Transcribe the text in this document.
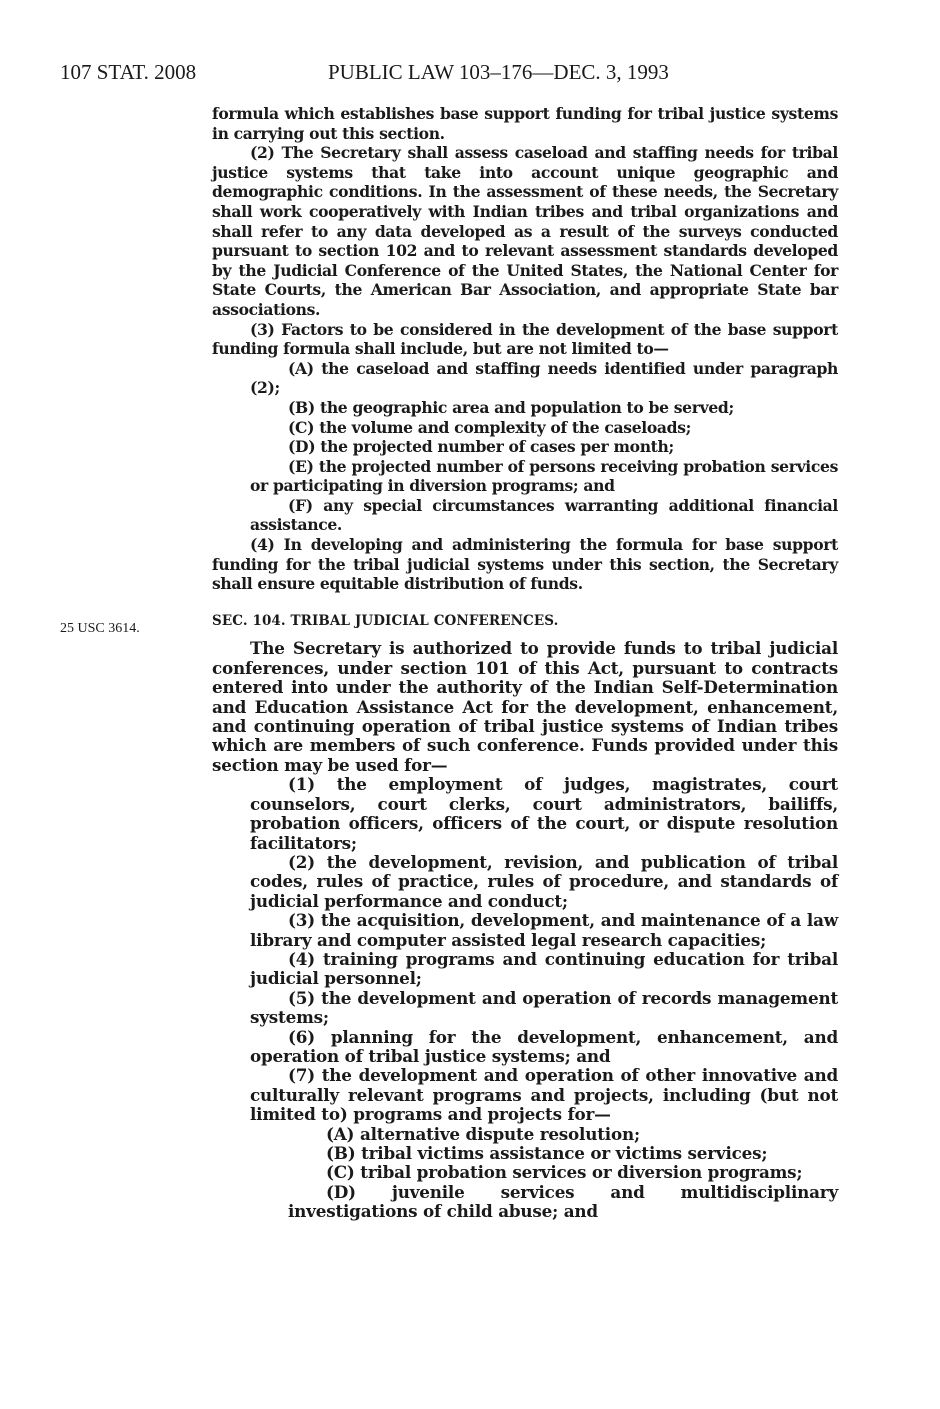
107 STAT. 2008	PUBLIC LAW 103–176—DEC. 3, 1993
25 USC 3614.

formula which establishes base support funding for tribal justice systems in carrying out this section.

(2) The Secretary shall assess caseload and staffing needs for tribal justice systems that take into account unique geographic and demographic conditions. In the assessment of these needs, the Secretary shall work cooperatively with Indian tribes and tribal organizations and shall refer to any data developed as a result of the surveys conducted pursuant to section 102 and to relevant assessment standards developed by the Judicial Conference of the United States, the National Center for State Courts, the American Bar Association, and appropriate State bar associations.

(3) Factors to be considered in the development of the base support funding formula shall include, but are not limited to—

(A) the caseload and staffing needs identified under paragraph (2);

(B) the geographic area and population to be served;

(C) the volume and complexity of the caseloads;

(D) the projected number of cases per month;

(E) the projected number of persons receiving probation services or participating in diversion programs; and

(F) any special circumstances warranting additional financial assistance.

(4) In developing and administering the formula for base support funding for the tribal judicial systems under this section, the Secretary shall ensure equitable distribution of funds.

SEC. 104. TRIBAL JUDICIAL CONFERENCES.

The Secretary is authorized to provide funds to tribal judicial conferences, under section 101 of this Act, pursuant to contracts entered into under the authority of the Indian Self-Determination and Education Assistance Act for the development, enhancement, and continuing operation of tribal justice systems of Indian tribes which are members of such conference. Funds provided under this section may be used for—

(1) the employment of judges, magistrates, court counselors, court clerks, court administrators, bailiffs, probation officers, officers of the court, or dispute resolution facilitators;

(2) the development, revision, and publication of tribal codes, rules of practice, rules of procedure, and standards of judicial performance and conduct;

(3) the acquisition, development, and maintenance of a law library and computer assisted legal research capacities;

(4) training programs and continuing education for tribal judicial personnel;

(5) the development and operation of records management systems;

(6) planning for the development, enhancement, and operation of tribal justice systems; and

(7) the development and operation of other innovative and culturally relevant programs and projects, including (but not limited to) programs and projects for—

(A) alternative dispute resolution;

(B) tribal victims assistance or victims services;

(C) tribal probation services or diversion programs;

(D) juvenile services and multidisciplinary investigations of child abuse; and
